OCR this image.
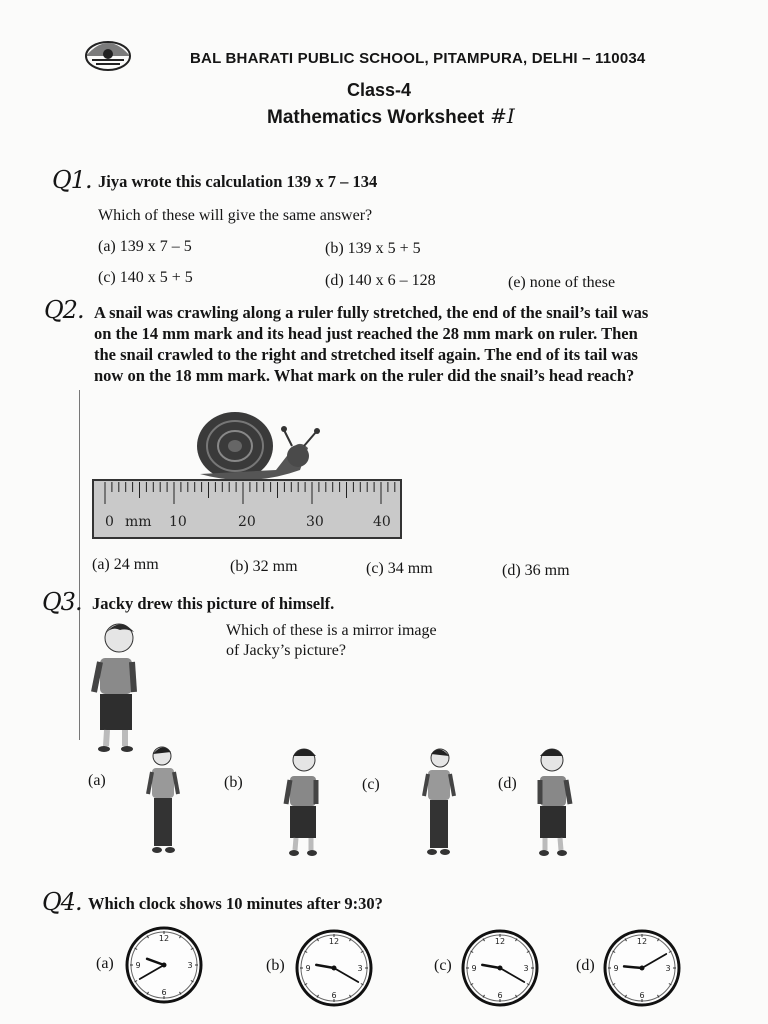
BAL BHARATI PUBLIC SCHOOL, PITAMPURA, DELHI – 110034
Class-4
Mathematics Worksheet #I
Q1. Jiya wrote this calculation 139 x 7 – 134
Which of these will give the same answer?
(a) 139 x 7 – 5	(b) 139 x 5 + 5
(c) 140 x 5 + 5	(d) 140 x 6 – 128	(e) none of these
Q2. A snail was crawling along a ruler fully stretched, the end of the snail’s tail was
on the 14 mm mark and its head just reached the 28 mm mark on ruler. Then
the snail crawled to the right and stretched itself again. The end of its tail was
now on the 18 mm mark. What mark on the ruler did the snail’s head reach?
0 mm 10	20	30	40
(a) 24 mm	(b) 32 mm	(c) 34 mm	(d) 36 mm
Q3. Jacky drew this picture of himself.
Which of these is a mirror image
of Jacky’s picture?
(a)	(b)	(c)	(d)
Q4. Which clock shows 10 minutes after 9:30?
(a)	(b)	(c)	(d)
12
3
6
9
12
3
6
9
12
3
6
9
12
3
6
9
